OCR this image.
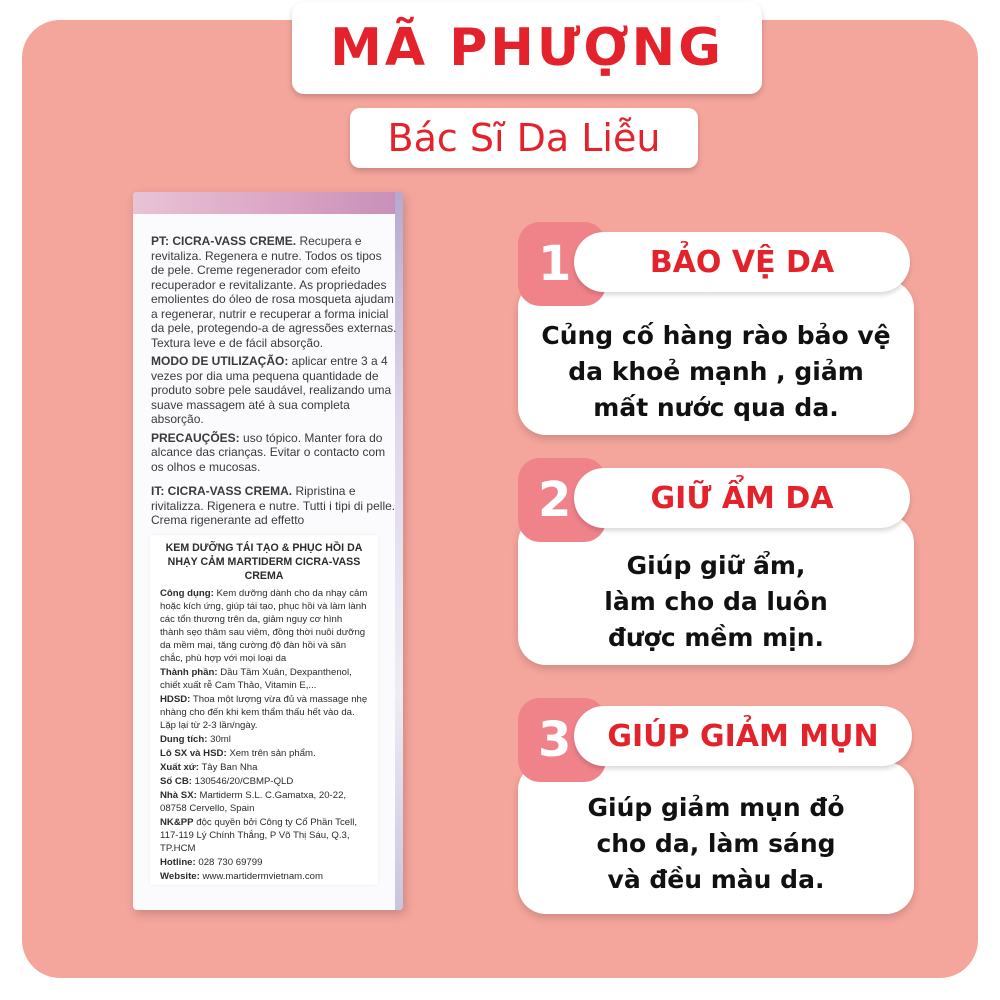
MÃ PHƯỢNG
Bác Sĩ Da Liễu

PT: CICRA-VASS CREME. Recupera e revitaliza. Regenera e nutre. Todos os tipos de pele. Creme regenerador com efeito recuperador e revitalizante. As propriedades emolientes do óleo de rosa mosqueta ajudam a regenerar, nutrir e recuperar a forma inicial da pele, protegendo-a de agressões externas. Textura leve e de fácil absorção.

MODO DE UTILIZAÇÃO: aplicar entre 3 a 4 vezes por dia uma pequena quantidade de produto sobre pele saudável, realizando uma suave massagem até à sua completa absorção.

PRECAUÇÕES: uso tópico. Manter fora do alcance das crianças. Evitar o contacto com os olhos e mucosas.

IT: CICRA-VASS CREMA. Ripristina e rivitalizza. Rigenera e nutre. Tutti i tipi di pelle. Crema rigenerante ad effetto

KEM DƯỠNG TÁI TẠO & PHỤC HỒI DA NHẠY CẢM MARTIDERM CICRA-VASS CREMA
Công dụng: Kem dưỡng dành cho da nhạy cảm hoặc kích ứng, giúp tái tạo, phục hồi và làm lành các tổn thương trên da, giảm nguy cơ hình thành sẹo thâm sau viêm, đồng thời nuôi dưỡng da mềm mại, tăng cường độ đàn hồi và săn chắc, phù hợp với mọi loại da
Thành phần: Dầu Tầm Xuân, Dexpanthenol, chiết xuất rễ Cam Thảo, Vitamin E,...
HDSD: Thoa một lượng vừa đủ và massage nhẹ nhàng cho đến khi kem thẩm thấu hết vào da. Lặp lại từ 2-3 lần/ngày.
Dung tích: 30ml
Lô SX và HSD: Xem trên sản phẩm.
Xuất xứ: Tây Ban Nha
Số CB: 130546/20/CBMP-QLD
Nhà SX: Martiderm S.L. C.Gamatxa, 20-22, 08758 Cervello, Spain
NK&PP độc quyền bởi Công ty Cổ Phần Tcell, 117-119 Lý Chính Thắng, P Võ Thị Sáu, Q.3, TP.HCM
Hotline: 028 730 69799
Website: www.martidermvietnam.com
1	BẢO VỆ DA
Củng cố hàng rào bảo vệ
da khoẻ mạnh , giảm
mất nước qua da.
2	GIỮ ẨM DA
Giúp giữ ẩm,
làm cho da luôn
được mềm mịn.
3 GIÚP GIẢM MỤN
Giúp giảm mụn đỏ
cho da, làm sáng
và đều màu da.
